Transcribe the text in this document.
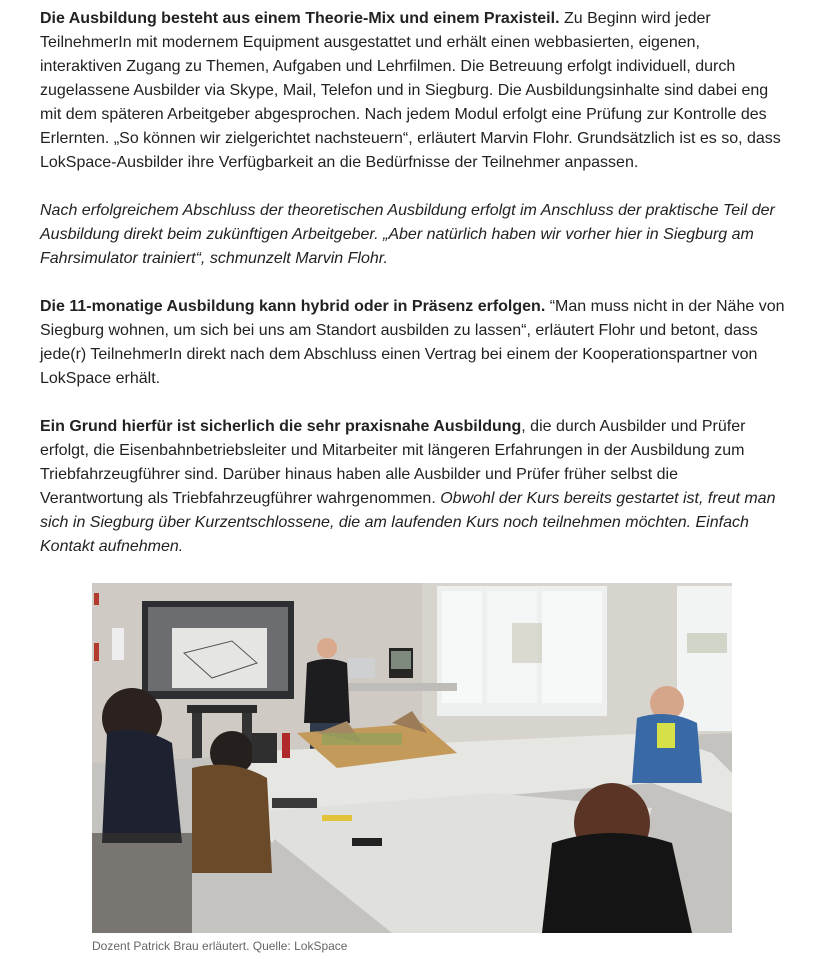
Die Ausbildung besteht aus einem Theorie-Mix und einem Praxisteil. Zu Beginn wird jeder TeilnehmerIn mit modernem Equipment ausgestattet und erhält einen webbasierten, eigenen, interaktiven Zugang zu Themen, Aufgaben und Lehrfilmen. Die Betreuung erfolgt individuell, durch zugelassene Ausbilder via Skype, Mail, Telefon und in Siegburg. Die Ausbildungsinhalte sind dabei eng mit dem späteren Arbeitgeber abgesprochen. Nach jedem Modul erfolgt eine Prüfung zur Kontrolle des Erlernten. „So können wir zielgerichtet nachsteuern“, erläutert Marvin Flohr. Grundsätzlich ist es so, dass LokSpace-Ausbilder ihre Verfügbarkeit an die Bedürfnisse der Teilnehmer anpassen.

Nach erfolgreichem Abschluss der theoretischen Ausbildung erfolgt im Anschluss der praktische Teil der Ausbildung direkt beim zukünftigen Arbeitgeber. „Aber natürlich haben wir vorher hier in Siegburg am Fahrsimulator trainiert“, schmunzelt Marvin Flohr.

Die 11-monatige Ausbildung kann hybrid oder in Präsenz erfolgen. “Man muss nicht in der Nähe von Siegburg wohnen, um sich bei uns am Standort ausbilden zu lassen“, erläutert Flohr und betont, dass jede(r) TeilnehmerIn direkt nach dem Abschluss einen Vertrag bei einem der Kooperationspartner von LokSpace erhält.

Ein Grund hierfür ist sicherlich die sehr praxisnahe Ausbildung, die durch Ausbilder und Prüfer erfolgt, die Eisenbahnbetriebsleiter und Mitarbeiter mit längeren Erfahrungen in der Ausbildung zum Triebfahrzeugführer sind. Darüber hinaus haben alle Ausbilder und Prüfer früher selbst die Verantwortung als Triebfahrzeugführer wahrgenommen. Obwohl der Kurs bereits gestartet ist, freut man sich in Siegburg über Kurzentschlossene, die am laufenden Kurs noch teilnehmen möchten. Einfach Kontakt aufnehmen.

Dozent Patrick Brau erläutert. Quelle: LokSpace
